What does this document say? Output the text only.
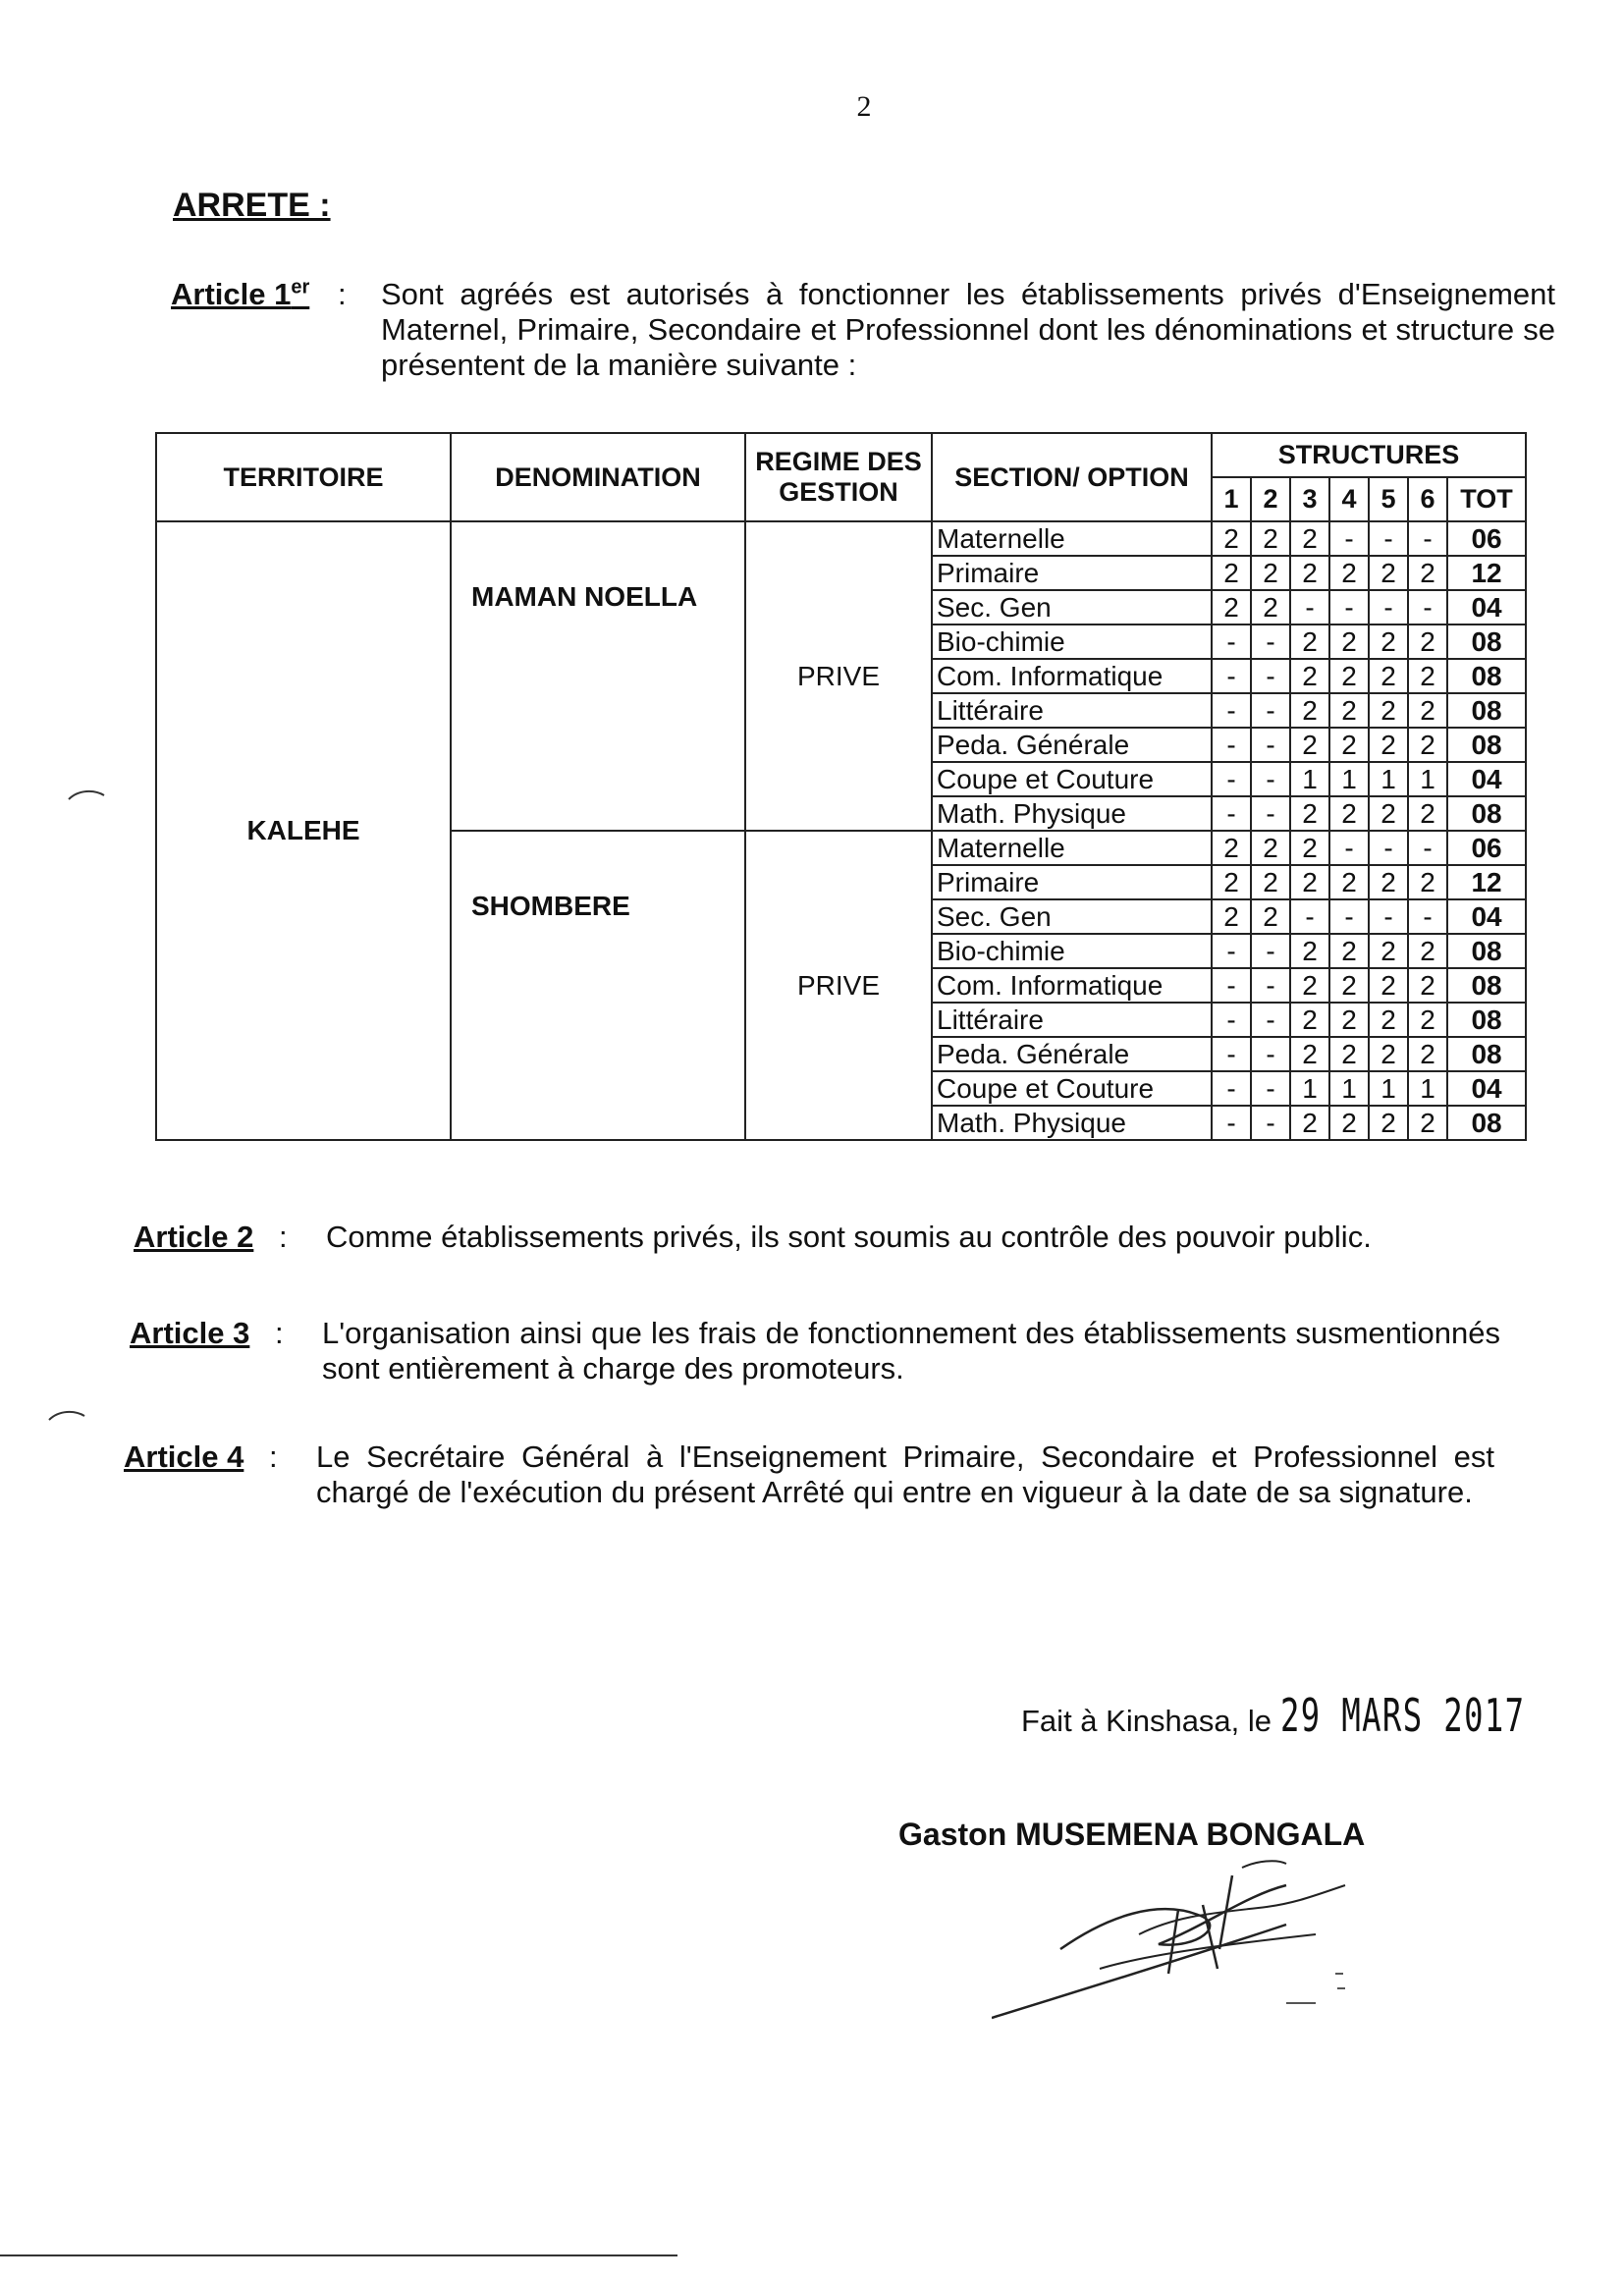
2
ARRETE :
Article 1er : Sont agréés est autorisés à fonctionner les établissements privés d'Enseignement Maternel, Primaire, Secondaire et Professionnel dont les dénominations et structure se présentent de la manière suivante :
TERRITOIRE	DENOMINATION	REGIME DES GESTION	SECTION/ OPTION	STRUCTURES						
				1	2	3	4	5	6	TOT
KALEHE	MAMAN NOELLA	PRIVE	Maternelle	2	2	2	-	-	-	06
			Primaire	2	2	2	2	2	2	12
			Sec. Gen	2	2	-	-	-	-	04
			Bio-chimie	-	-	2	2	2	2	08
			Com. Informatique	-	-	2	2	2	2	08
			Littéraire	-	-	2	2	2	2	08
			Peda. Générale	-	-	2	2	2	2	08
			Coupe et Couture	-	-	1	1	1	1	04
			Math. Physique	-	-	2	2	2	2	08
	SHOMBERE	PRIVE	Maternelle	2	2	2	-	-	-	06
			Primaire	2	2	2	2	2	2	12
			Sec. Gen	2	2	-	-	-	-	04
			Bio-chimie	-	-	2	2	2	2	08
			Com. Informatique	-	-	2	2	2	2	08
			Littéraire	-	-	2	2	2	2	08
			Peda. Générale	-	-	2	2	2	2	08
			Coupe et Couture	-	-	1	1	1	1	04
			Math. Physique	-	-	2	2	2	2	08
Article 2 : Comme établissements privés, ils sont soumis au contrôle des pouvoir public.
Article 3 : L'organisation ainsi que les frais de fonctionnement des établissements susmentionnés sont entièrement à charge des promoteurs.
Article 4 : Le Secrétaire Général à l'Enseignement Primaire, Secondaire et Professionnel est chargé de l'exécution du présent Arrêté qui entre en vigueur à la date de sa signature.
Fait à Kinshasa, le 29 MARS 2017
Gaston MUSEMENA BONGALA
